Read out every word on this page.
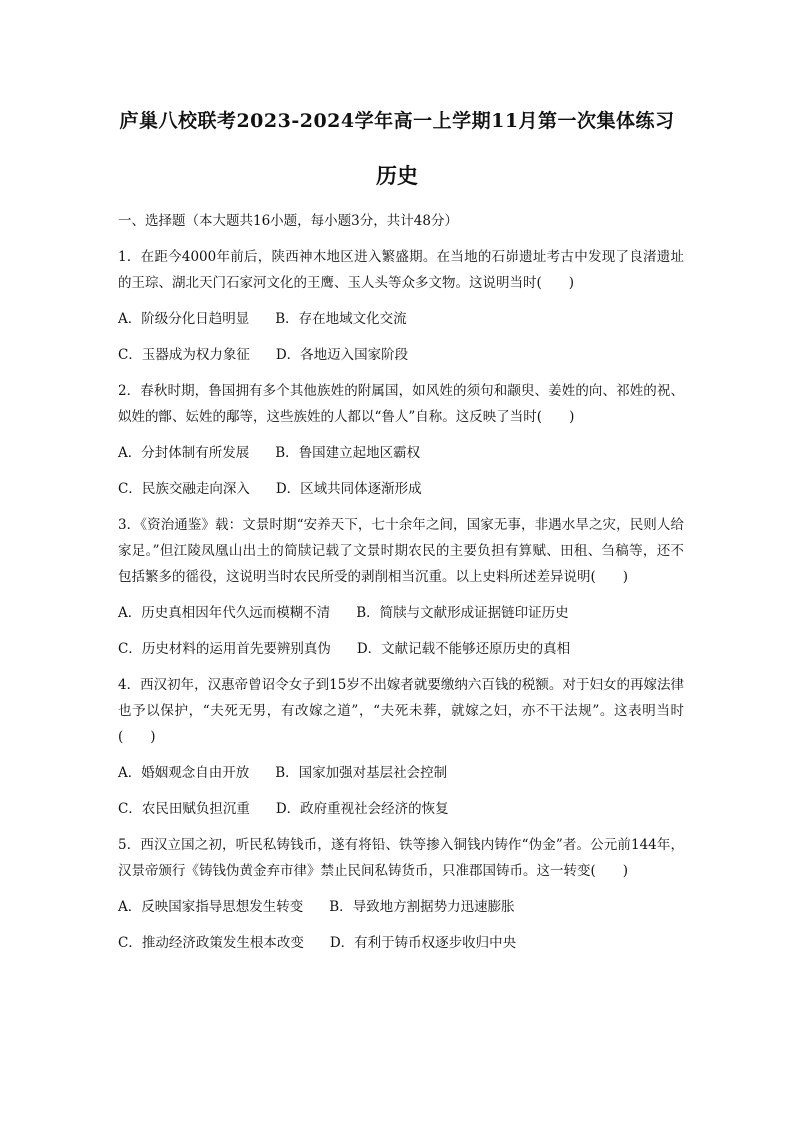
庐巢八校联考2023-2024学年高一上学期11月第一次集体练习
历史
一、选择题（本大题共16小题，每小题3分，共计48分）

1．在距今4000年前后，陕西神木地区进入繁盛期。在当地的石峁遗址考古中发现了良渚遗址的王琮、湖北天门石家河文化的王鹰、玉人头等众多文物。这说明当时(　　)

A．阶级分化日趋明显 B．存在地域文化交流
C．玉器成为权力象征 D．各地迈入国家阶段

2．春秋时期，鲁国拥有多个其他族姓的附属国，如风姓的须句和颛臾、姜姓的向、祁姓的祝、姒姓的鄫、妘姓的鄅等，这些族姓的人都以“鲁人”自称。这反映了当时(　　)

A．分封体制有所发展 B．鲁国建立起地区霸权
C．民族交融走向深入 D．区域共同体逐渐形成

3．《资治通鉴》载：文景时期“安养天下，七十余年之间，国家无事，非遇水旱之灾，民则人给家足。”但江陵凤凰山出土的简牍记载了文景时期农民的主要负担有算赋、田租、刍稿等，还不包括繁多的徭役，这说明当时农民所受的剥削相当沉重。以上史料所述差异说明(　　)

A．历史真相因年代久远而模糊不清 B．简牍与文献形成证据链印证历史
C．历史材料的运用首先要辨别真伪 D．文献记载不能够还原历史的真相

4．西汉初年，汉惠帝曾诏令女子到15岁不出嫁者就要缴纳六百钱的税额。对于妇女的再嫁法律也予以保护，“夫死无男，有改嫁之道”，“夫死未葬，就嫁之妇，亦不干法规”。这表明当时(　　)

A．婚姻观念自由开放 B．国家加强对基层社会控制
C．农民田赋负担沉重 D．政府重视社会经济的恢复

5．西汉立国之初，听民私铸钱币，遂有将铅、铁等掺入铜钱内铸作“伪金”者。公元前144年，汉景帝颁行《铸钱伪黄金弃市律》禁止民间私铸货币，只准郡国铸币。这一转变(　　)

A．反映国家指导思想发生转变 B．导致地方割据势力迅速膨胀
C．推动经济政策发生根本改变 D．有利于铸币权逐步收归中央
